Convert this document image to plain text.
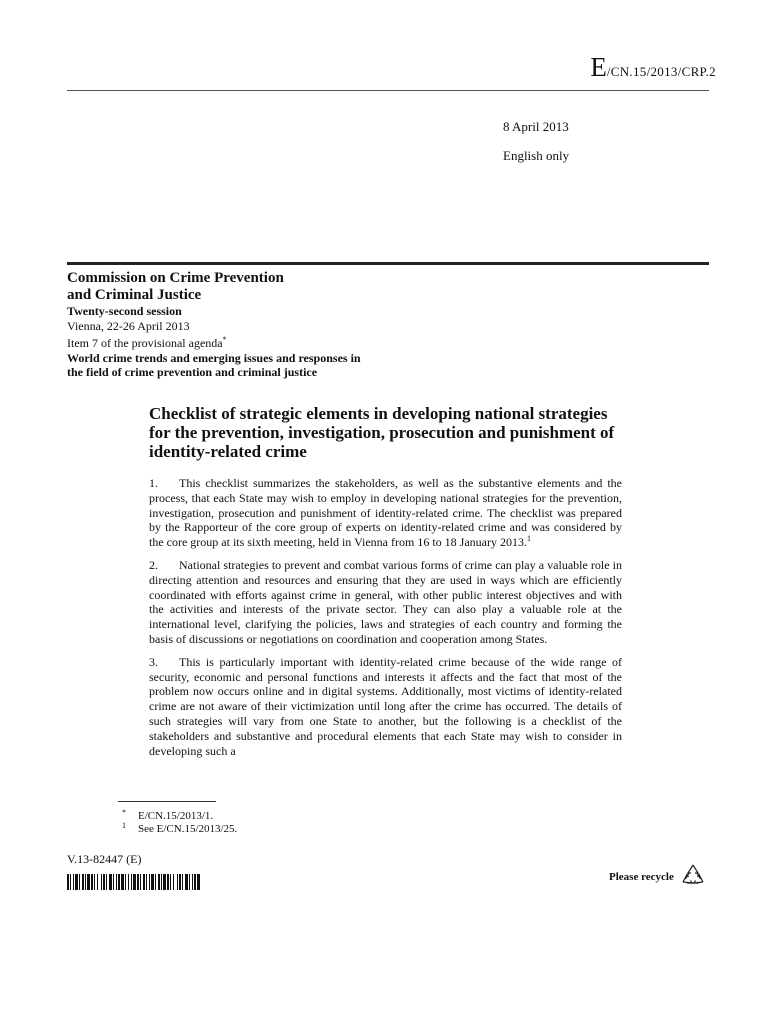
E/CN.15/2013/CRP.2
8 April 2013
English only
Commission on Crime Prevention
and Criminal Justice
Twenty-second session
Vienna, 22-26 April 2013
Item 7 of the provisional agenda*
World crime trends and emerging issues and responses in
the field of crime prevention and criminal justice
Checklist of strategic elements in developing national strategies for the prevention, investigation, prosecution and punishment of identity-related crime

1. This checklist summarizes the stakeholders, as well as the substantive elements and the process, that each State may wish to employ in developing national strategies for the prevention, investigation, prosecution and punishment of identity-related crime. The checklist was prepared by the Rapporteur of the core group of experts on identity-related crime and was considered by the core group at its sixth meeting, held in Vienna from 16 to 18 January 2013.$^1$

2. National strategies to prevent and combat various forms of crime can play a valuable role in directing attention and resources and ensuring that they are used in ways which are efficiently coordinated with efforts against crime in general, with other public interest objectives and with the activities and interests of the private sector. They can also play a valuable role at the international level, clarifying the policies, laws and strategies of each country and forming the basis of discussions or negotiations on coordination and cooperation among States.

3. This is particularly important with identity-related crime because of the wide range of security, economic and personal functions and interests it affects and the fact that most of the problem now occurs online and in digital systems. Additionally, most victims of identity-related crime are not aware of their victimization until long after the crime has occurred. The details of such strategies will vary from one State to another, but the following is a checklist of the stakeholders and substantive and procedural elements that each State may wish to consider in developing such a

* E/CN.15/2013/1.
1 See E/CN.15/2013/25.
V.13-82447 (E)
Please recycle
